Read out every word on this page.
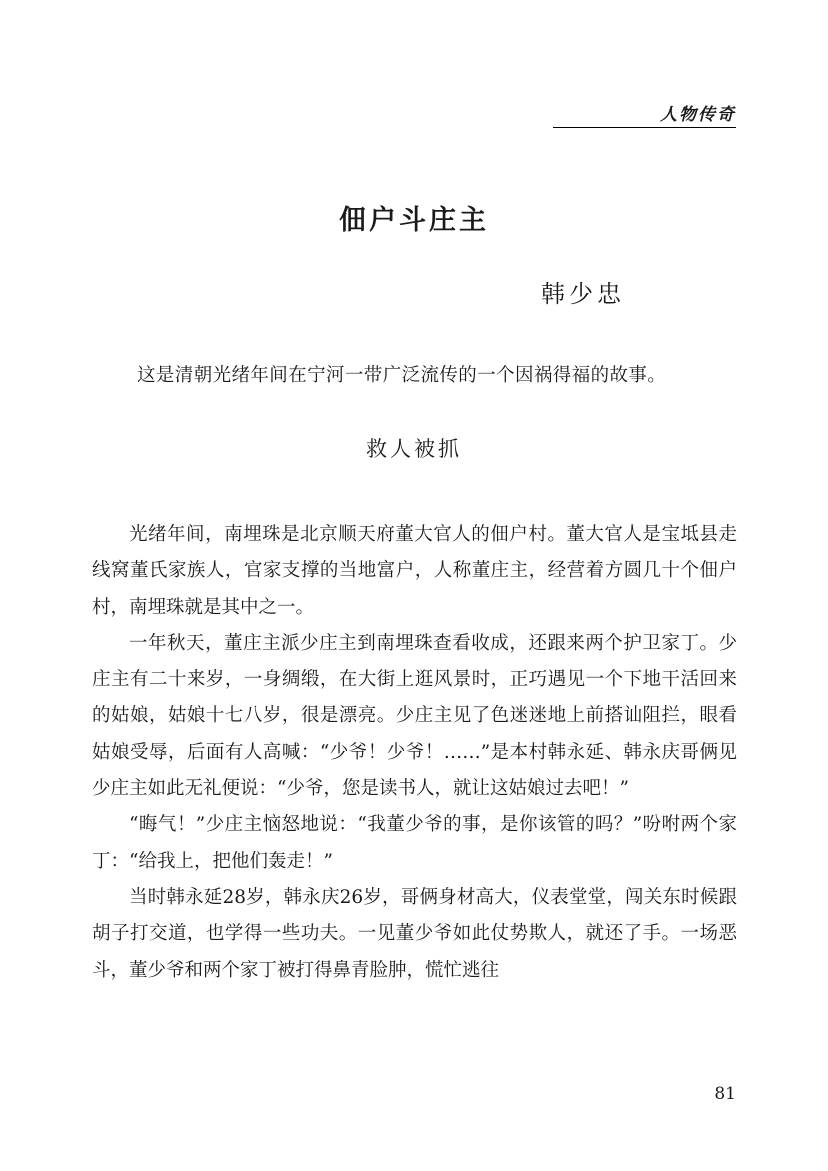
人物传奇
佃户斗庄主
韩少忠
这是清朝光绪年间在宁河一带广泛流传的一个因祸得福的故事。
救人被抓

光绪年间，南埋珠是北京顺天府董大官人的佃户村。董大官人是宝坻县走线窝董氏家族人，官家支撑的当地富户，人称董庄主，经营着方圆几十个佃户村，南埋珠就是其中之一。

一年秋天，董庄主派少庄主到南埋珠查看收成，还跟来两个护卫家丁。少庄主有二十来岁，一身绸缎，在大街上逛风景时，正巧遇见一个下地干活回来的姑娘，姑娘十七八岁，很是漂亮。少庄主见了色迷迷地上前搭讪阻拦，眼看姑娘受辱，后面有人高喊：“少爷！少爷！……”是本村韩永延、韩永庆哥俩见少庄主如此无礼便说：“少爷，您是读书人，就让这姑娘过去吧！”

“晦气！”少庄主恼怒地说：“我董少爷的事，是你该管的吗？”吩咐两个家丁：“给我上，把他们轰走！”

当时韩永延28岁，韩永庆26岁，哥俩身材高大，仪表堂堂，闯关东时候跟胡子打交道，也学得一些功夫。一见董少爷如此仗势欺人，就还了手。一场恶斗，董少爷和两个家丁被打得鼻青脸肿，慌忙逃往

81
